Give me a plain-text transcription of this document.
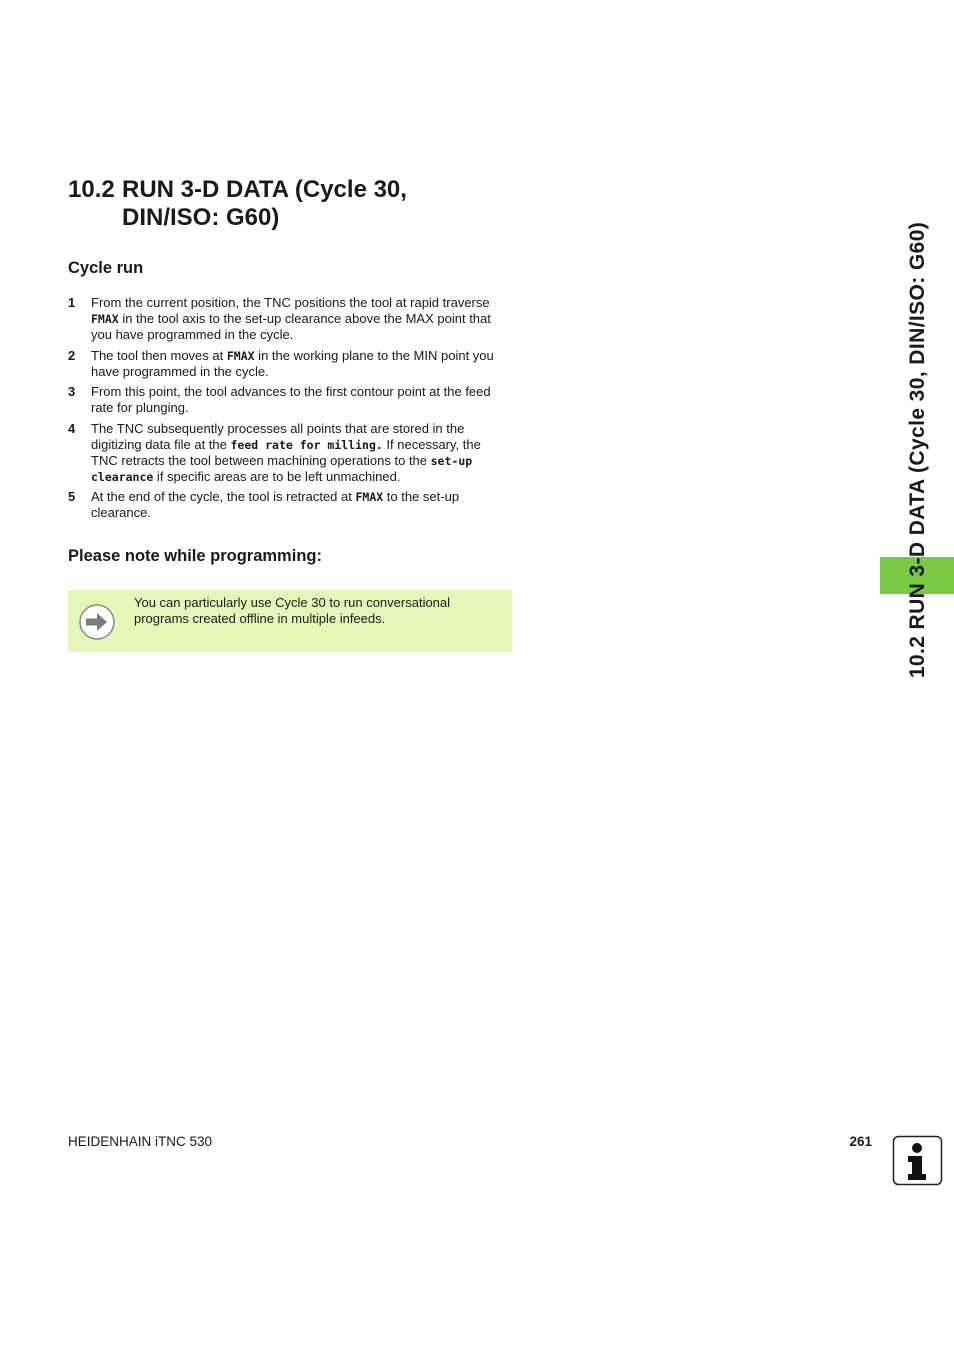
10.2 RUN 3-D DATA (Cycle 30,
DIN/ISO: G60)
Cycle run
1 From the current position, the TNC positions the tool at rapid traverse FMAX in the tool axis to the set-up clearance above the MAX point that you have programmed in the cycle.
2 The tool then moves at FMAX in the working plane to the MIN point you have programmed in the cycle.
3 From this point, the tool advances to the first contour point at the feed rate for plunging.
4 The TNC subsequently processes all points that are stored in the digitizing data file at the feed rate for milling. If necessary, the TNC retracts the tool between machining operations to the set-up clearance if specific areas are to be left unmachined.
5 At the end of the cycle, the tool is retracted at FMAX to the set-up clearance.
Please note while programming:
You can particularly use Cycle 30 to run conversational programs created offline in multiple infeeds.	10.2 RUN 3-D DATA (Cycle 30, DIN/ISO: G60)
HEIDENHAIN iTNC 530	261
